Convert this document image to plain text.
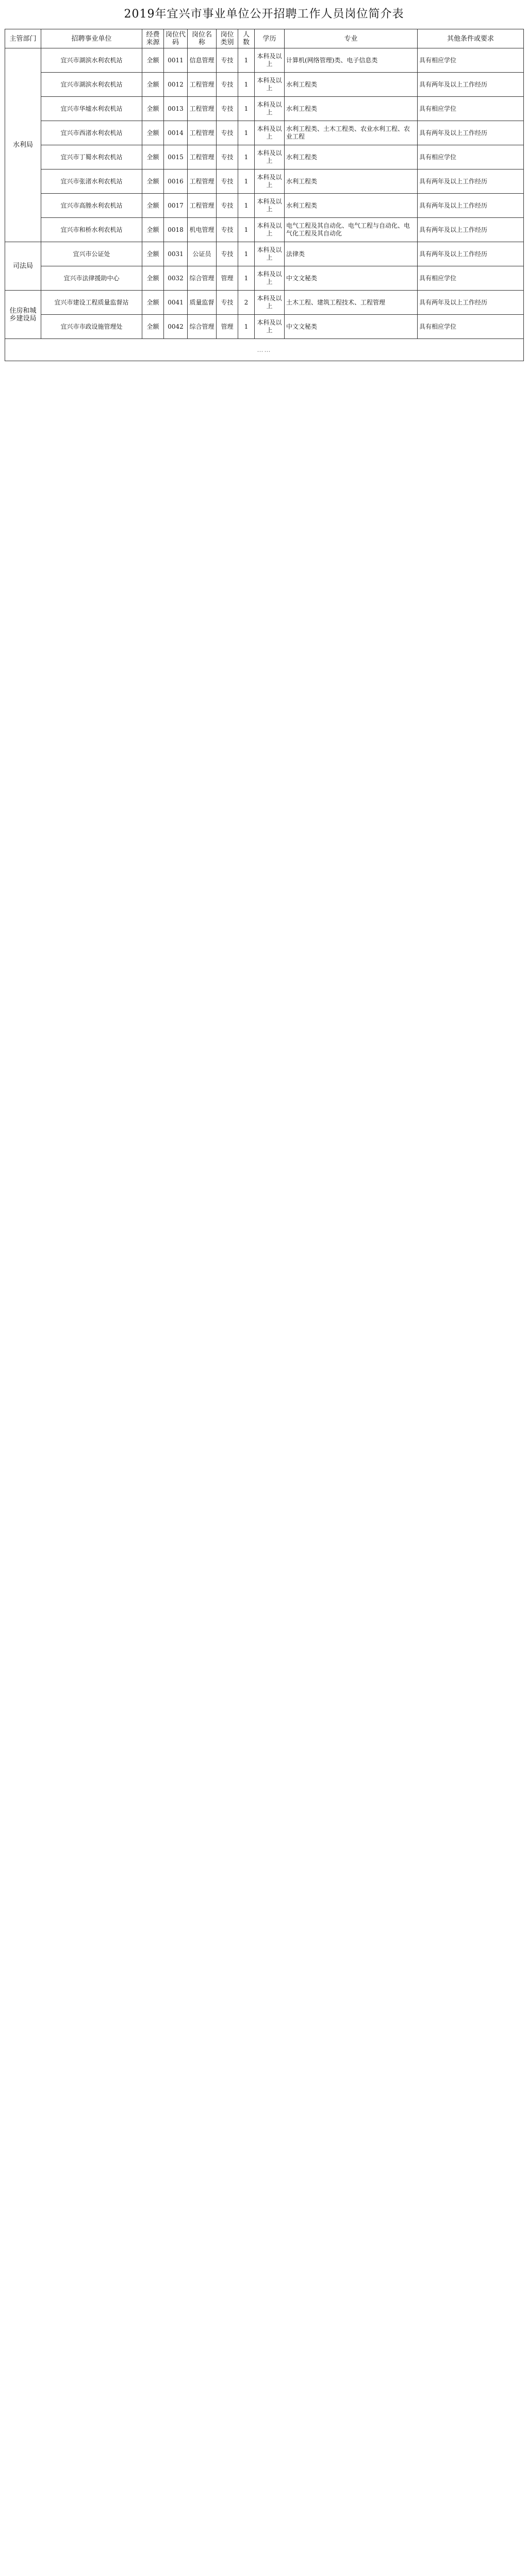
2019年宜兴市事业单位公开招聘工作人员岗位简介表
主管部门	招聘事业单位	经费来源	岗位代码	岗位名称	岗位类别	人数	学历	专业	其他条件或要求
水利局	宜兴市湖滨水利农机站	全额	0011	信息管理	专技	1	本科及以上	计算机(网络管理)类、电子信息类	具有相应学位
	宜兴市湖滨水利农机站	全额	0012	工程管理	专技	1	本科及以上	水利工程类	具有两年及以上工作经历
	宜兴市华墟水利农机站	全额	0013	工程管理	专技	1	本科及以上	水利工程类	具有相应学位
	宜兴市西渚水利农机站	全额	0014	工程管理	专技	1	本科及以上	水利工程类、土木工程类、农业水利工程、农业工程	具有两年及以上工作经历
	宜兴市丁蜀水利农机站	全额	0015	工程管理	专技	1	本科及以上	水利工程类	具有相应学位
	宜兴市张渚水利农机站	全额	0016	工程管理	专技	1	本科及以上	水利工程类	具有两年及以上工作经历
	宜兴市高塍水利农机站	全额	0017	工程管理	专技	1	本科及以上	水利工程类	具有两年及以上工作经历
	宜兴市和桥水利农机站	全额	0018	机电管理	专技	1	本科及以上	电气工程及其自动化、电气工程与自动化、电气化工程及其自动化	具有两年及以上工作经历
司法局	宜兴市公证处	全额	0031	公证员	专技	1	本科及以上	法律类	具有两年及以上工作经历
	宜兴市法律援助中心	全额	0032	综合管理	管理	1	本科及以上	中文文秘类	具有相应学位
住房和城乡建设局	宜兴市建设工程质量监督站	全额	0041	质量监督	专技	2	本科及以上	土木工程、建筑工程技术、工程管理	具有两年及以上工作经历
	宜兴市市政设施管理处	全额	0042	综合管理	管理	1	本科及以上	中文文秘类	具有相应学位
……									
